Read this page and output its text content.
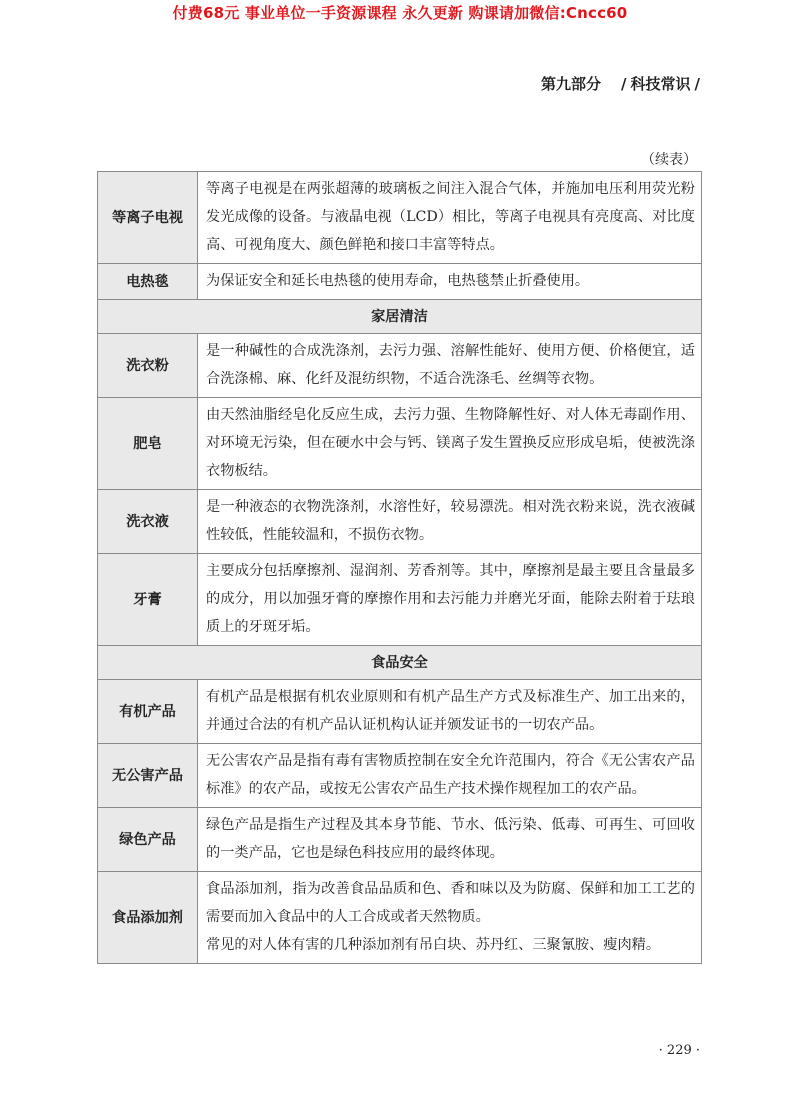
付费68元 事业单位一手资源课程 永久更新 购课请加微信:Cncc60
第九部分 / 科技常识 /
（续表）
等离子电视	等离子电视是在两张超薄的玻璃板之间注入混合气体，并施加电压利用荧光粉发光成像的设备。与液晶电视（LCD）相比，等离子电视具有亮度高、对比度高、可视角度大、颜色鲜艳和接口丰富等特点。

电热毯	为保证安全和延长电热毯的使用寿命，电热毯禁止折叠使用。

家居清洁	
洗衣粉	是一种碱性的合成洗涤剂，去污力强、溶解性能好、使用方便、价格便宜，适合洗涤棉、麻、化纤及混纺织物，不适合洗涤毛、丝绸等衣物。

肥皂	由天然油脂经皂化反应生成，去污力强、生物降解性好、对人体无毒副作用、对环境无污染，但在硬水中会与钙、镁离子发生置换反应形成皂垢，使被洗涤衣物板结。

洗衣液	是一种液态的衣物洗涤剂，水溶性好，较易漂洗。相对洗衣粉来说，洗衣液碱性较低，性能较温和，不损伤衣物。

牙膏	主要成分包括摩擦剂、湿润剂、芳香剂等。其中，摩擦剂是最主要且含量最多的成分，用以加强牙膏的摩擦作用和去污能力并磨光牙面，能除去附着于珐琅质上的牙斑牙垢。

食品安全	
有机产品	有机产品是根据有机农业原则和有机产品生产方式及标准生产、加工出来的，并通过合法的有机产品认证机构认证并颁发证书的一切农产品。

无公害产品	无公害农产品是指有毒有害物质控制在安全允许范围内，符合《无公害农产品标准》的农产品，或按无公害农产品生产技术操作规程加工的农产品。

绿色产品	绿色产品是指生产过程及其本身节能、节水、低污染、低毒、可再生、可回收的一类产品，它也是绿色科技应用的最终体现。

食品添加剂	食品添加剂，指为改善食品品质和色、香和味以及为防腐、保鲜和加工工艺的需要而加入食品中的人工合成或者天然物质。
常见的对人体有害的几种添加剂有吊白块、苏丹红、三聚氰胺、瘦肉精。
· 229 ·
